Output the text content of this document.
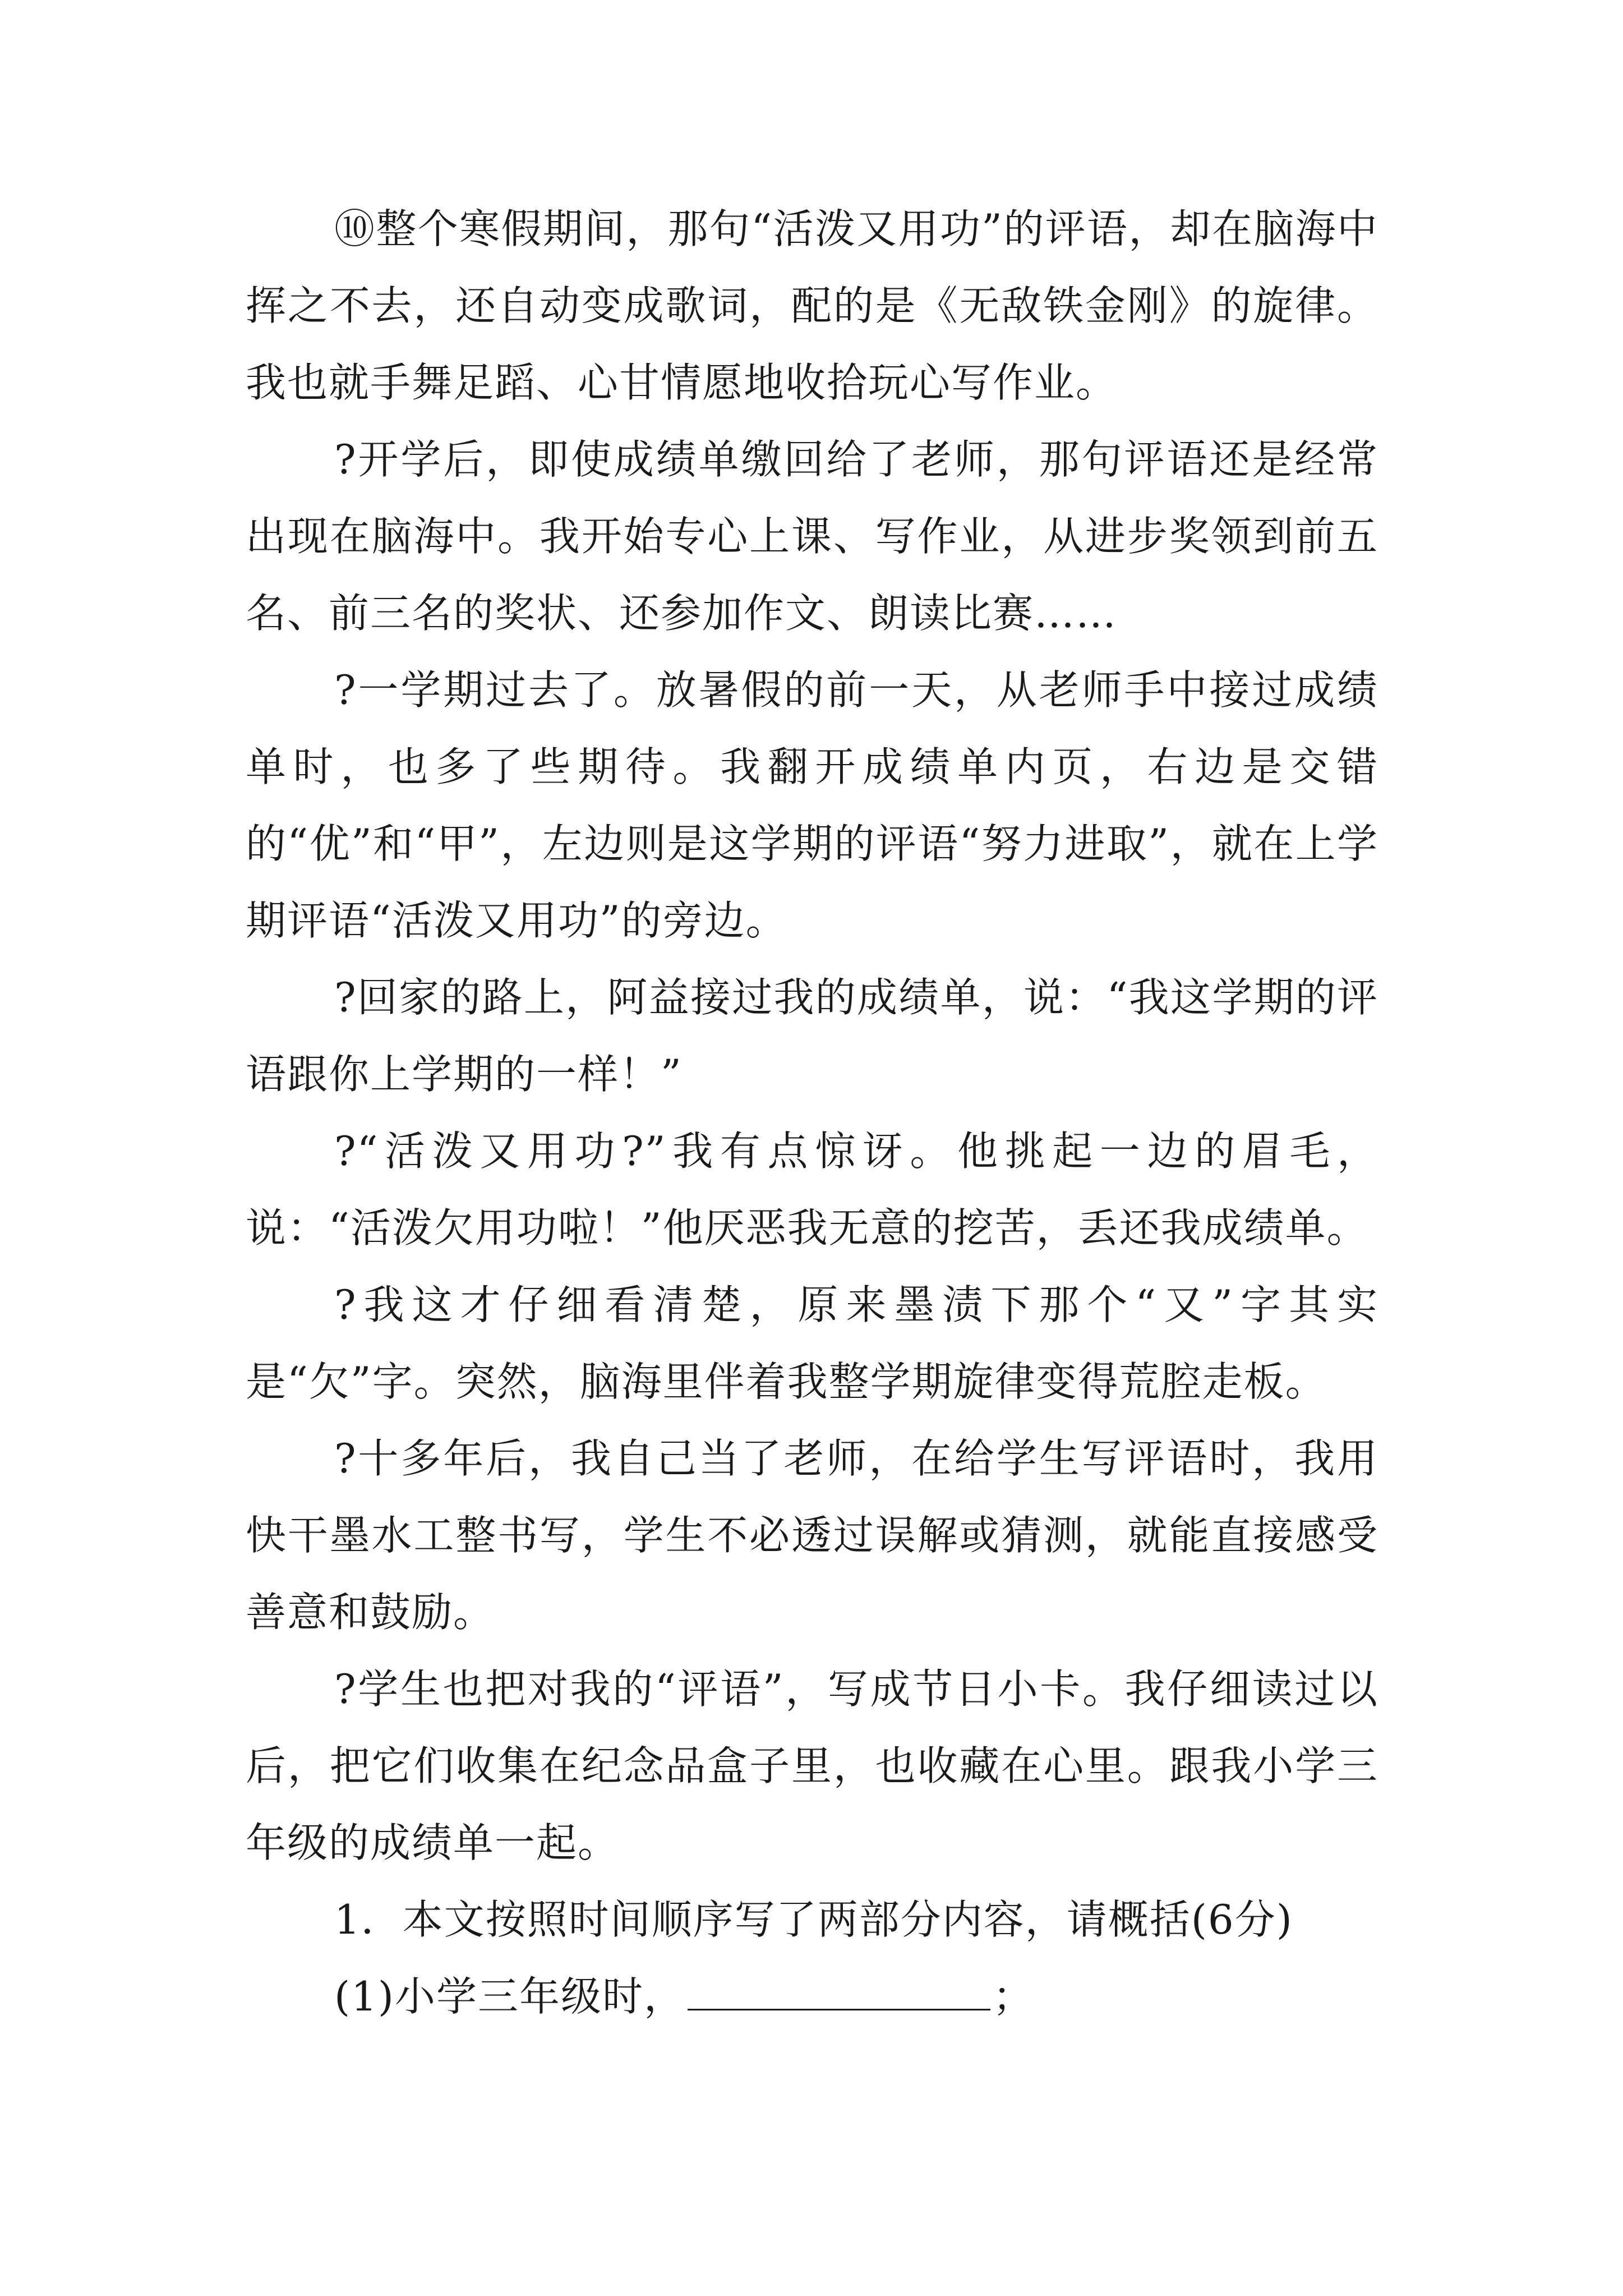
⑩整个寒假期间，那句“活泼又用功”的评语，却在脑海中挥之不去，还自动变成歌词，配的是《无敌铁金刚》的旋律。我也就手舞足蹈、心甘情愿地收拾玩心写作业。

?开学后，即使成绩单缴回给了老师，那句评语还是经常出现在脑海中。我开始专心上课、写作业，从进步奖领到前五名、前三名的奖状、还参加作文、朗读比赛……

?一学期过去了。放暑假的前一天，从老师手中接过成绩单时，也多了些期待。我翻开成绩单内页，右边是交错的“优”和“甲”，左边则是这学期的评语“努力进取”，就在上学期评语“活泼又用功”的旁边。

?回家的路上，阿益接过我的成绩单，说：“我这学期的评语跟你上学期的一样！”

?“活泼又用功?”我有点惊讶。他挑起一边的眉毛，说：“活泼欠用功啦！”他厌恶我无意的挖苦，丢还我成绩单。

?我这才仔细看清楚，原来墨渍下那个“又”字其实是“欠”字。突然，脑海里伴着我整学期旋律变得荒腔走板。

?十多年后，我自己当了老师，在给学生写评语时，我用快干墨水工整书写，学生不必透过误解或猜测，就能直接感受善意和鼓励。

?学生也把对我的“评语”，写成节日小卡。我仔细读过以后，把它们收集在纪念品盒子里，也收藏在心里。跟我小学三年级的成绩单一起。

1．本文按照时间顺序写了两部分内容，请概括(6分)

(1)小学三年级时，	；
